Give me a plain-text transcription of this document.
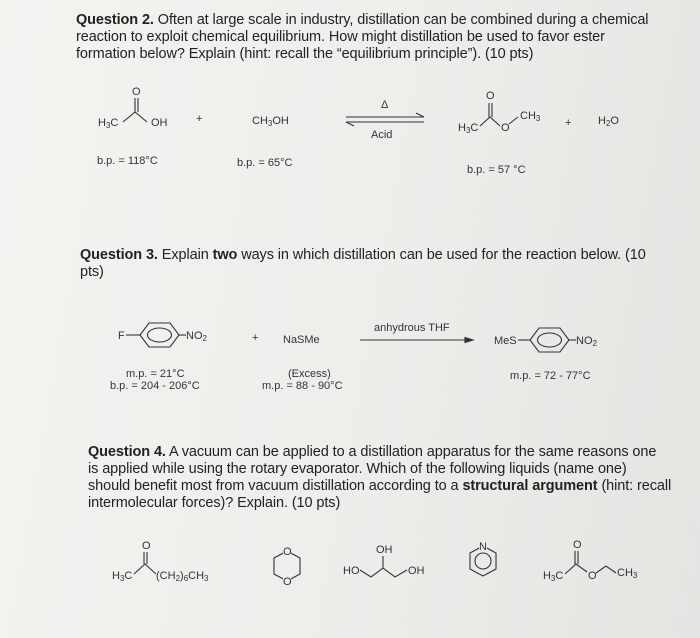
Question 2. Often at large scale in industry, distillation can be combined during a chemical
reaction to exploit chemical equilibrium. How might distillation be used to favor ester
formation below? Explain (hint: recall the “equilibrium principle”). (10 pts)
H3C
O
OH	+	$CH_3OH$
Δ
Acid
H3C
O
O
$CH3 + H_2O$
b.p. = 118°C	b.p. = 65°C
b.p. = 57 °C
Question 3. Explain two ways in which distillation can be used for the reaction below. (10
pts)
F	NO2	+ NaSMe
anhydrous THF
MeS	NO2
m.p. = 21°C
b.p. = 204 - 206°C
(Excess)
m.p. = 88 - 90°C
m.p. = 72 - 77°C
Question 4. A vacuum can be applied to a distillation apparatus for the same reasons one
is applied while using the rotary evaporator. Which of the following liquids (name one)
should benefit most from vacuum distillation according to a structural argument (hint: recall
intermolecular forces)? Explain. (10 pts)
H3C
O
(CH2)6CH3
O
O
HO
OH
OH
N
H3C
O
O CH3
